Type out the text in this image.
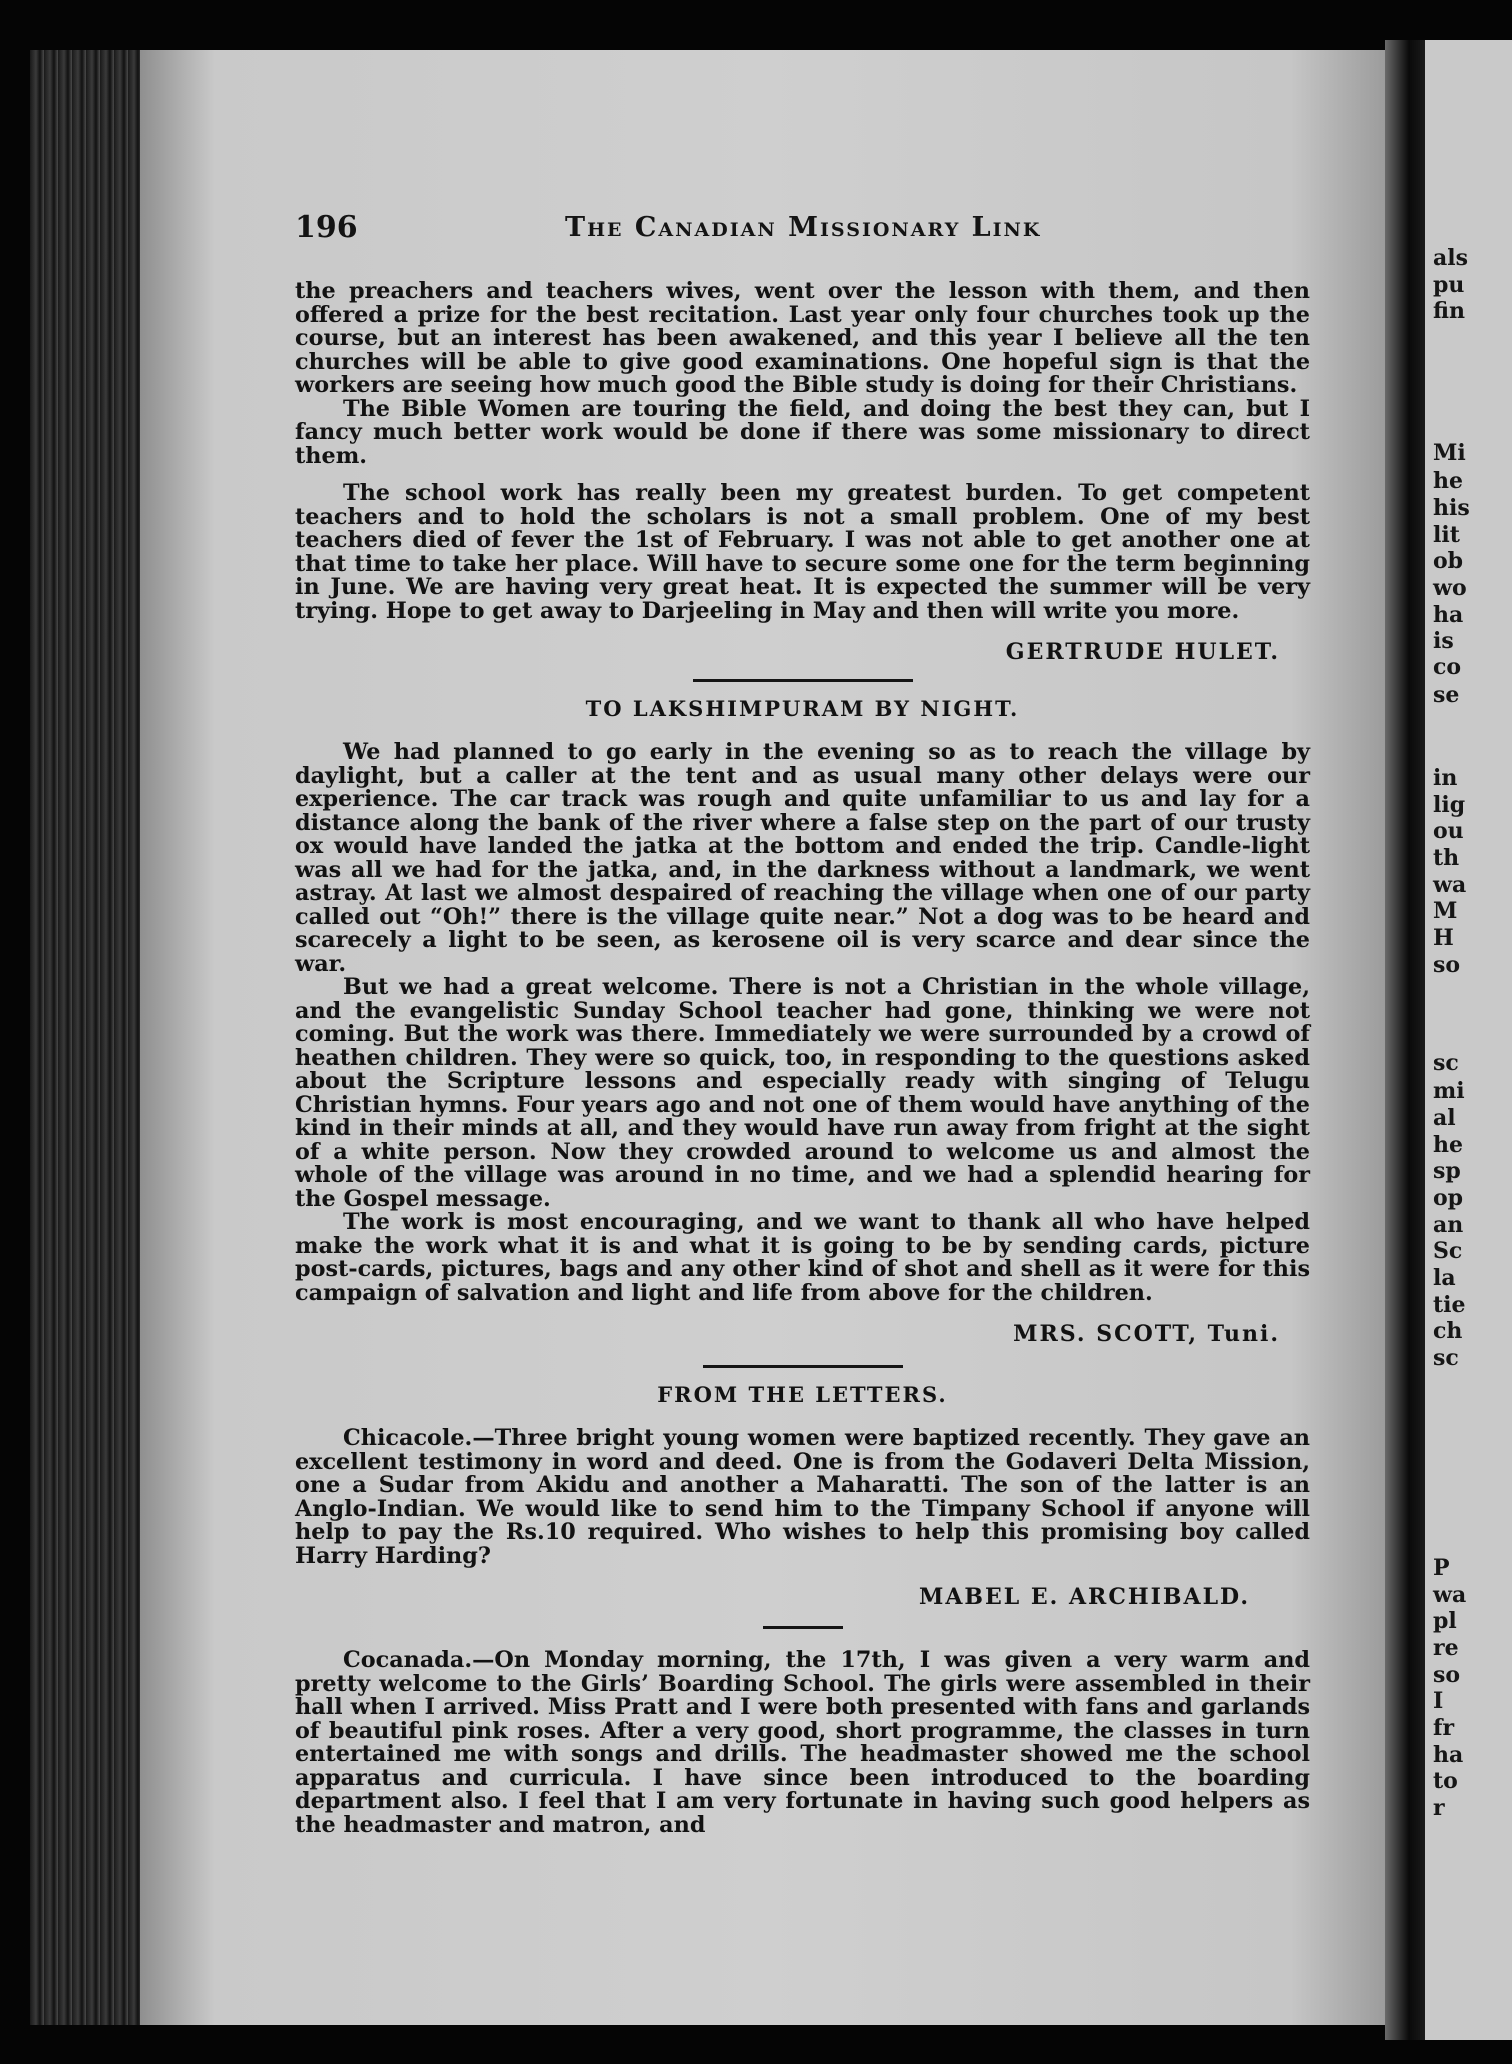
als
pu
fin
Mi
he
his
lit
ob
wo
ha
is
co
se
in
lig
ou
th
wa
M
H
so
sc
mi
al
he
sp
op
an
Sc
la
tie
ch
sc
P
wa
pl
re
so
I
fr
ha
to
r
196	The Canadian Missionary Link

the preachers and teachers wives, went over the lesson with them, and then offered a prize for the best recitation. Last year only four churches took up the course, but an interest has been awakened, and this year I believe all the ten churches will be able to give good examinations. One hopeful sign is that the workers are seeing how much good the Bible study is doing for their Christians.

The Bible Women are touring the field, and doing the best they can, but I fancy much better work would be done if there was some missionary to direct them.

The school work has really been my greatest burden. To get competent teachers and to hold the scholars is not a small problem. One of my best teachers died of fever the 1st of February. I was not able to get another one at that time to take her place. Will have to secure some one for the term beginning in June. We are having very great heat. It is expected the summer will be very trying. Hope to get away to Darjeeling in May and then will write you more.

GERTRUDE HULET.
TO LAKSHIMPURAM BY NIGHT.

We had planned to go early in the evening so as to reach the village by daylight, but a caller at the tent and as usual many other delays were our experience. The car track was rough and quite unfamiliar to us and lay for a distance along the bank of the river where a false step on the part of our trusty ox would have landed the jatka at the bottom and ended the trip. Candle-light was all we had for the jatka, and, in the darkness without a landmark, we went astray. At last we almost despaired of reaching the village when one of our party called out “Oh!” there is the village quite near.” Not a dog was to be heard and scarecely a light to be seen, as kerosene oil is very scarce and dear since the war.

But we had a great welcome. There is not a Christian in the whole village, and the evangelistic Sunday School teacher had gone, thinking we were not coming. But the work was there. Immediately we were surrounded by a crowd of heathen children. They were so quick, too, in responding to the questions asked about the Scripture lessons and especially ready with singing of Telugu Christian hymns. Four years ago and not one of them would have anything of the kind in their minds at all, and they would have run away from fright at the sight of a white person. Now they crowded around to welcome us and almost the whole of the village was around in no time, and we had a splendid hearing for the Gospel message.

The work is most encouraging, and we want to thank all who have helped make the work what it is and what it is going to be by sending cards, picture post-cards, pictures, bags and any other kind of shot and shell as it were for this campaign of salvation and light and life from above for the children.

MRS. SCOTT, Tuni.
FROM THE LETTERS.

Chicacole.—Three bright young women were baptized recently. They gave an excellent testimony in word and deed. One is from the Godaveri Delta Mission, one a Sudar from Akidu and another a Maharatti. The son of the latter is an Anglo-Indian. We would like to send him to the Timpany School if anyone will help to pay the Rs.10 required. Who wishes to help this promising boy called Harry Harding?

MABEL E. ARCHIBALD.

Cocanada.—On Monday morning, the 17th, I was given a very warm and pretty welcome to the Girls’ Boarding School. The girls were assembled in their hall when I arrived. Miss Pratt and I were both presented with fans and garlands of beautiful pink roses. After a very good, short programme, the classes in turn entertained me with songs and drills. The headmaster showed me the school apparatus and curricula. I have since been introduced to the boarding department also. I feel that I am very fortunate in having such good helpers as the headmaster and matron, and
